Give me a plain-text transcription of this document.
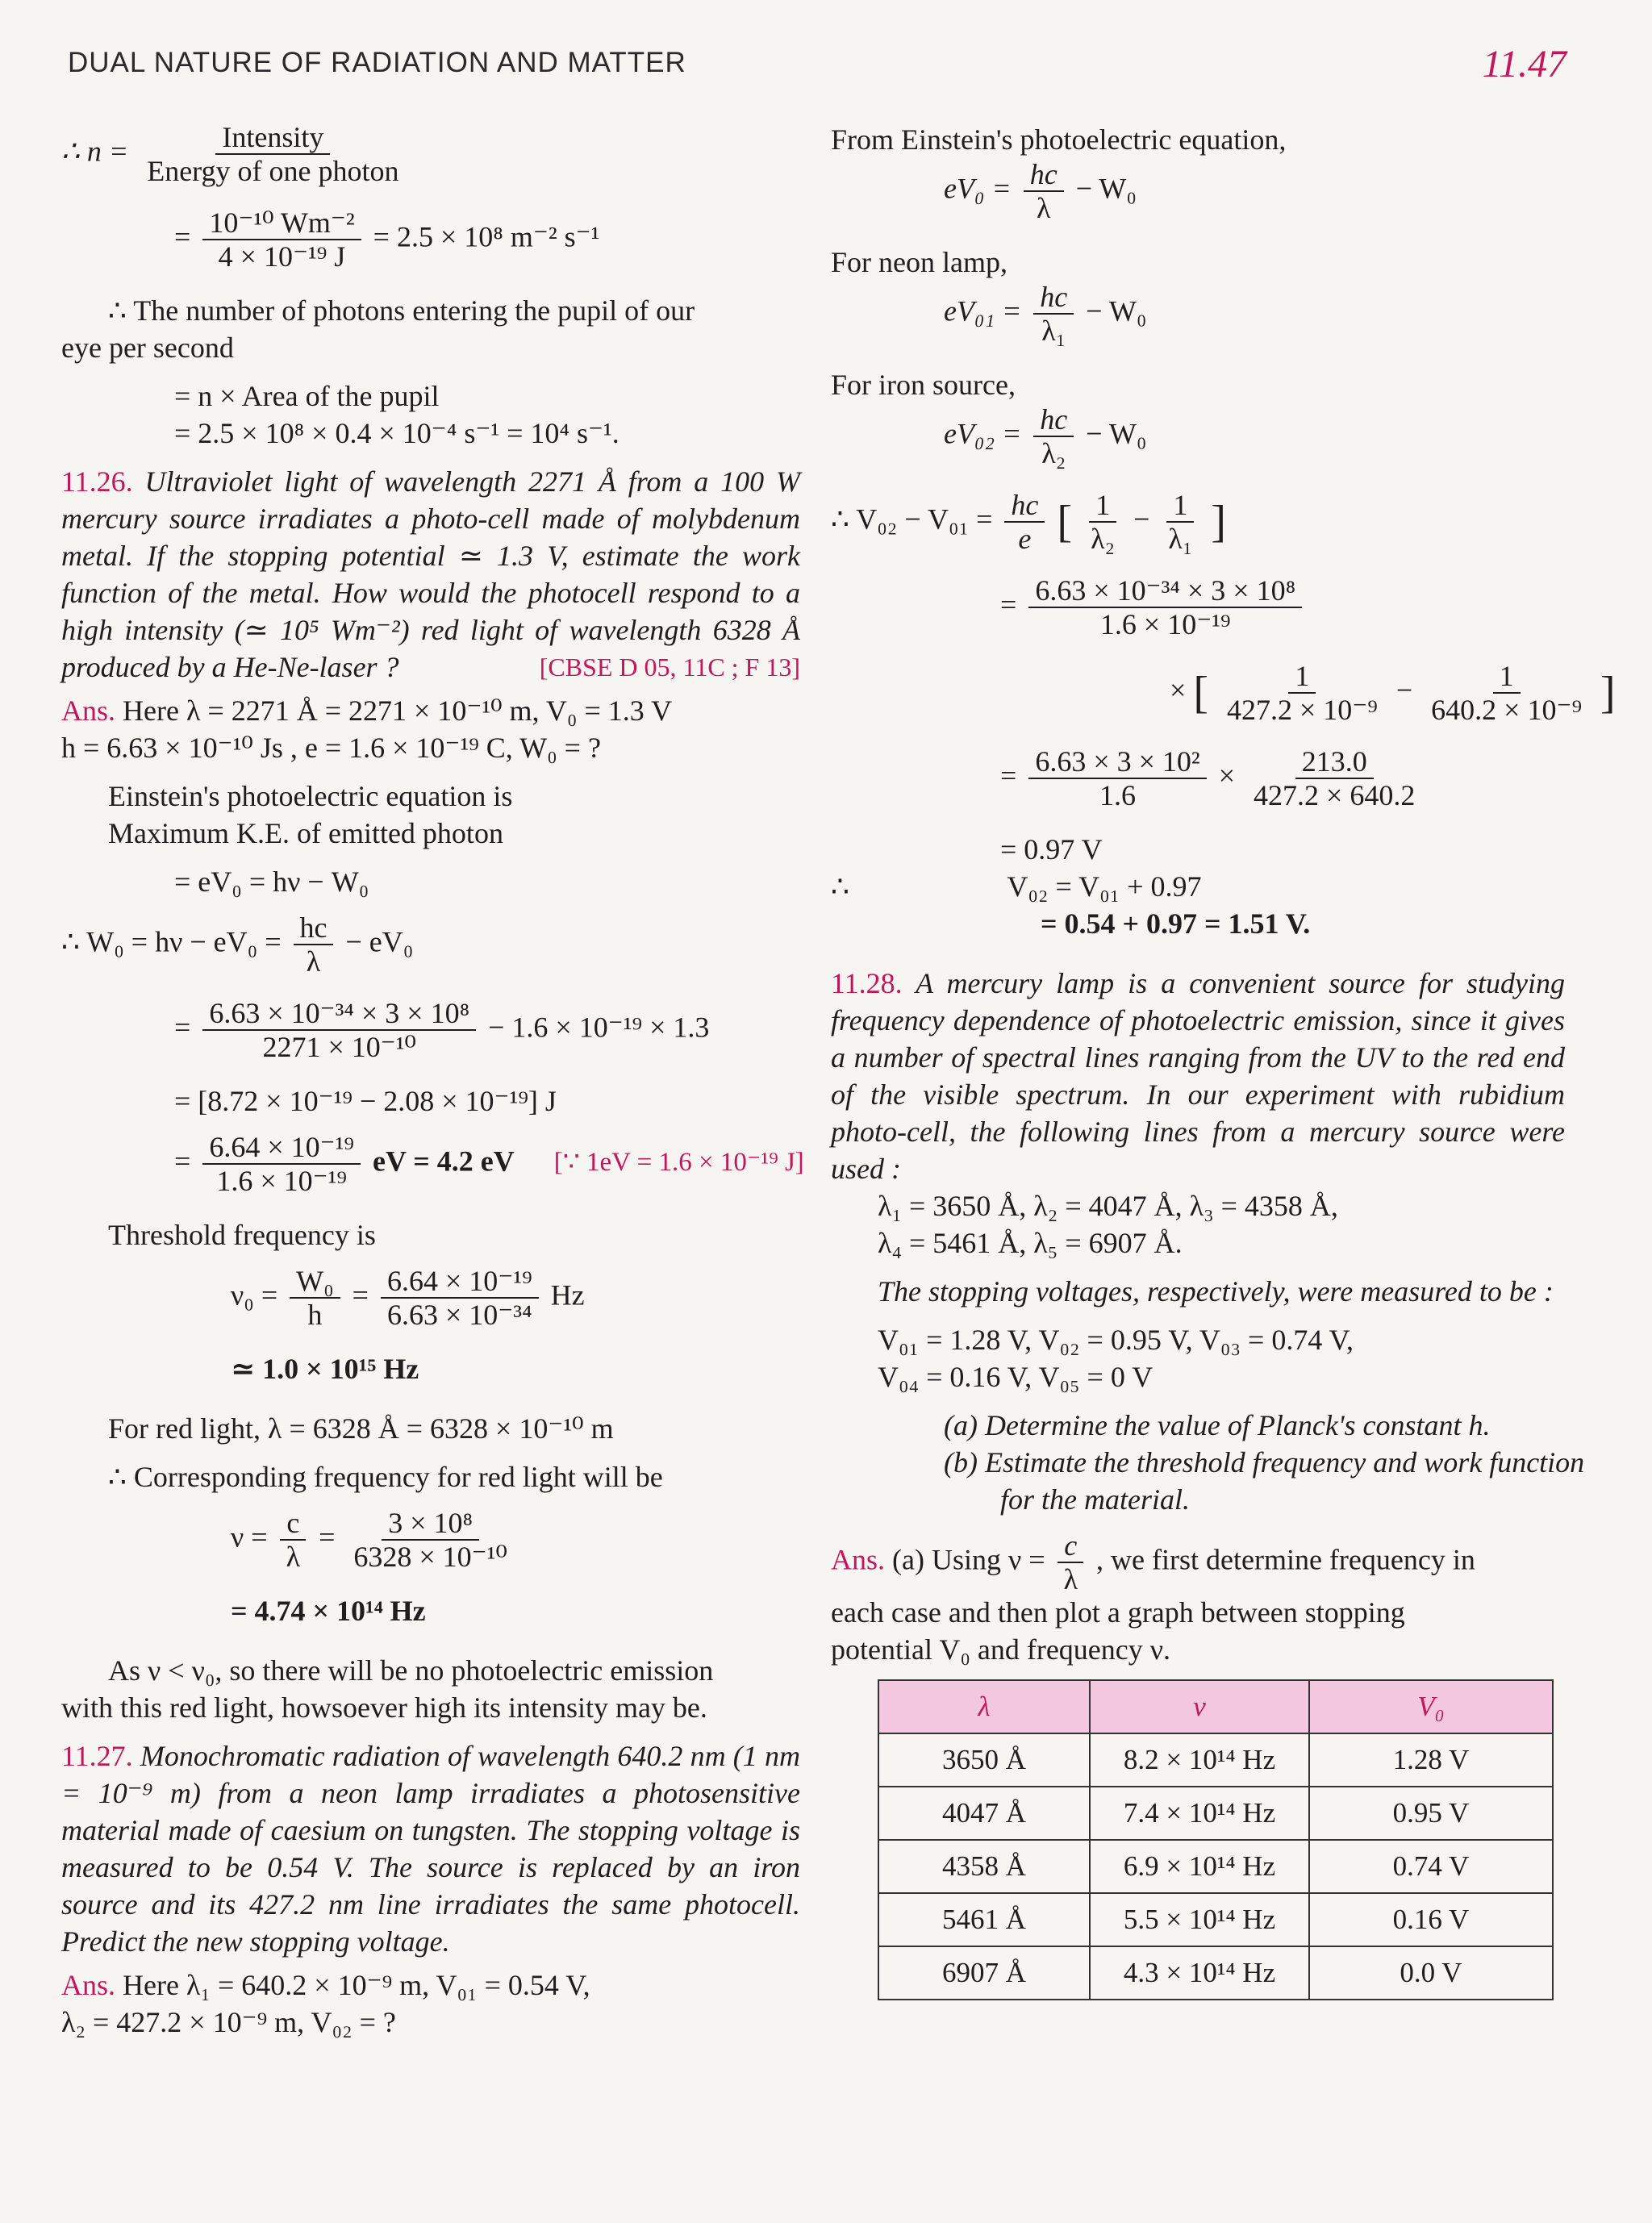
DUAL NATURE OF RADIATION AND MATTER	11.47
∴ $n = \frac{\text{Intensity}}{\text{Energy of one photon}}$
= $\frac{\text{10⁻¹⁰ Wm⁻²}}{\text{4 × 10⁻¹⁹ J}} = 2.5 \times 10^8$ m⁻² s⁻¹
∴ The number of photons entering the pupil of our
eye per second
= n × Area of the pupil
= 2.5 × 10⁸ × 0.4 × 10⁻⁴ s⁻¹ = 10⁴ s⁻¹.
11.26. Ultraviolet light of wavelength 2271 Å from a 100 W mercury source irradiates a photo-cell made of molybdenum metal. If the stopping potential ≃ 1.3 V, estimate the work function of the metal. How would the photocell respond to a high intensity (≃ 10⁵ Wm⁻²) red light of wavelength 6328 Å produced by a He-Ne-laser ?	[CBSE D 05, 11C ; F 13]
Ans. Here λ = 2271 Å = 2271 × 10⁻¹⁰ m, V₀ = 1.3 V
h = 6.63 × 10⁻¹⁰ Js , e = 1.6 × 10⁻¹⁹ C, W₀ = ?
Einstein's photoelectric equation is
Maximum K.E. of emitted photon
= eV₀ = hν − W₀
∴ $W_0 = h\nu - eV_0 = \frac{hc}{\lambda} - eV_0$
= $\frac{\text{6.63 × 10⁻³⁴ × 3 × 10⁸}}{\text{2271 × 10⁻¹⁰}} - 1.6 \times 10^{-19} \times 1.3$
= [8.72 × 10⁻¹⁹ − 2.08 × 10⁻¹⁹] J
= $\frac{\text{6.64 × 10⁻¹⁹}}{\text{1.6 × 10⁻¹⁹}}$ eV = 4.2 eV [∵ 1eV = 1.6 × 10⁻¹⁹ J]
Threshold frequency is
$\nu_0 = \frac{\text{W₀}}{h} = \frac{\text{6.64 × 10⁻¹⁹}}{\text{6.63 × 10⁻³⁴}}$ Hz
≃ 1.0 × 10¹⁵ Hz
For red light, λ = 6328 Å = 6328 × 10⁻¹⁰ m
∴ Corresponding frequency for red light will be
$\nu = \frac{c}{\lambda} = \frac{\text{3 × 10⁸}}{\text{6328 × 10⁻¹⁰}}$
= 4.74 × 10¹⁴ Hz
As ν < ν₀, so there will be no photoelectric emission
with this red light, howsoever high its intensity may be.
11.27. Monochromatic radiation of wavelength 640.2 nm (1 nm = 10⁻⁹ m) from a neon lamp irradiates a photosensitive material made of caesium on tungsten. The stopping voltage is measured to be 0.54 V. The source is replaced by an iron source and its 427.2 nm line irradiates the same photocell. Predict the new stopping voltage.
Ans. Here λ₁ = 640.2 × 10⁻⁹ m, V₀₁ = 0.54 V,
λ₂ = 427.2 × 10⁻⁹ m, V₀₂ = ?
From Einstein's photoelectric equation,
$eV_0 = \frac{hc}{\lambda} - W_0$
For neon lamp,
$eV_{01} = \frac{hc}{\text{λ₁}} - W_0$
For iron source,
$eV_{02} = \frac{hc}{\text{λ₂}} - W_0$
∴ $V_{02} - V_{01} = \frac{hc}{e}$ [ $\frac{1}{\text{λ₂}} - \frac{1}{\text{λ₁}}$ ]
= $\frac{\text{6.63 × 10⁻³⁴ × 3 × 10⁸}}{\text{1.6 × 10⁻¹⁹}}$
× [ $\frac{1}{\text{427.2 × 10⁻⁹}} - \frac{1}{\text{640.2 × 10⁻⁹}}$ ]
= $\frac{\text{6.63 × 3 × 10²}}{1.6} \times \frac{213.0}{427.2 \times 640.2}$
= 0.97 V
∴	V₀₂ = V₀₁ + 0.97
= 0.54 + 0.97 = 1.51 V.
11.28. A mercury lamp is a convenient source for studying frequency dependence of photoelectric emission, since it gives a number of spectral lines ranging from the UV to the red end of the visible spectrum. In our experiment with rubidium photo-cell, the following lines from a mercury source were used :
λ₁ = 3650 Å, λ₂ = 4047 Å, λ₃ = 4358 Å,
λ₄ = 5461 Å, λ₅ = 6907 Å.
The stopping voltages, respectively, were measured to be :
V₀₁ = 1.28 V, V₀₂ = 0.95 V, V₀₃ = 0.74 V,
V₀₄ = 0.16 V, V₀₅ = 0 V
(a) Determine the value of Planck's constant h.
(b) Estimate the threshold frequency and work function
for the material.
Ans. (a) Using $\nu = \frac{c}{\lambda}$ , we first determine frequency in
each case and then plot a graph between stopping
potential V₀ and frequency ν.
λ	ν	V₀
3650 Å	8.2 × 10¹⁴ Hz	1.28 V
4047 Å	7.4 × 10¹⁴ Hz	0.95 V
4358 Å	6.9 × 10¹⁴ Hz	0.74 V
5461 Å	5.5 × 10¹⁴ Hz	0.16 V
6907 Å	4.3 × 10¹⁴ Hz	0.0 V
